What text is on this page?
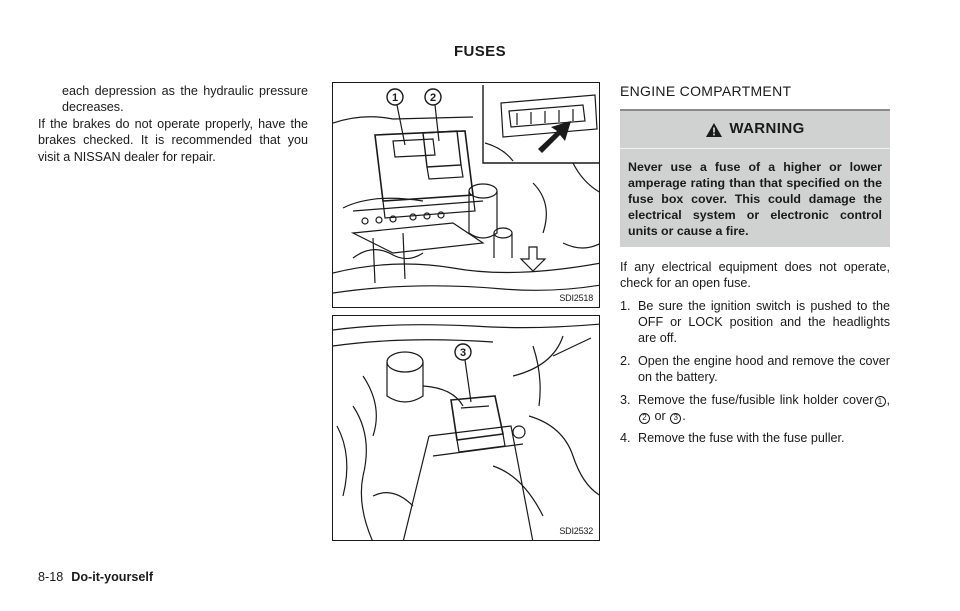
FUSES

each depression as the hydraulic pressure decreases.

If the brakes do not operate properly, have the brakes checked. It is recommended that you visit a NISSAN dealer for repair.

1	2
SDI2518
3
SDI2532
ENGINE COMPARTMENT
WARNING

Never use a fuse of a higher or lower amperage rating than that specified on the fuse box cover. This could damage the electrical system or electronic control units or cause a fire.

If any electrical equipment does not operate, check for an open fuse.

1. Be sure the ignition switch is pushed to the OFF or LOCK position and the headlights are off.
2. Open the engine hood and remove the cover on the battery.
3. Remove the fuse/fusible link holder cover 1 ,2 or 3 .
4. Remove the fuse with the fuse puller.
8-18 Do-it-yourself
